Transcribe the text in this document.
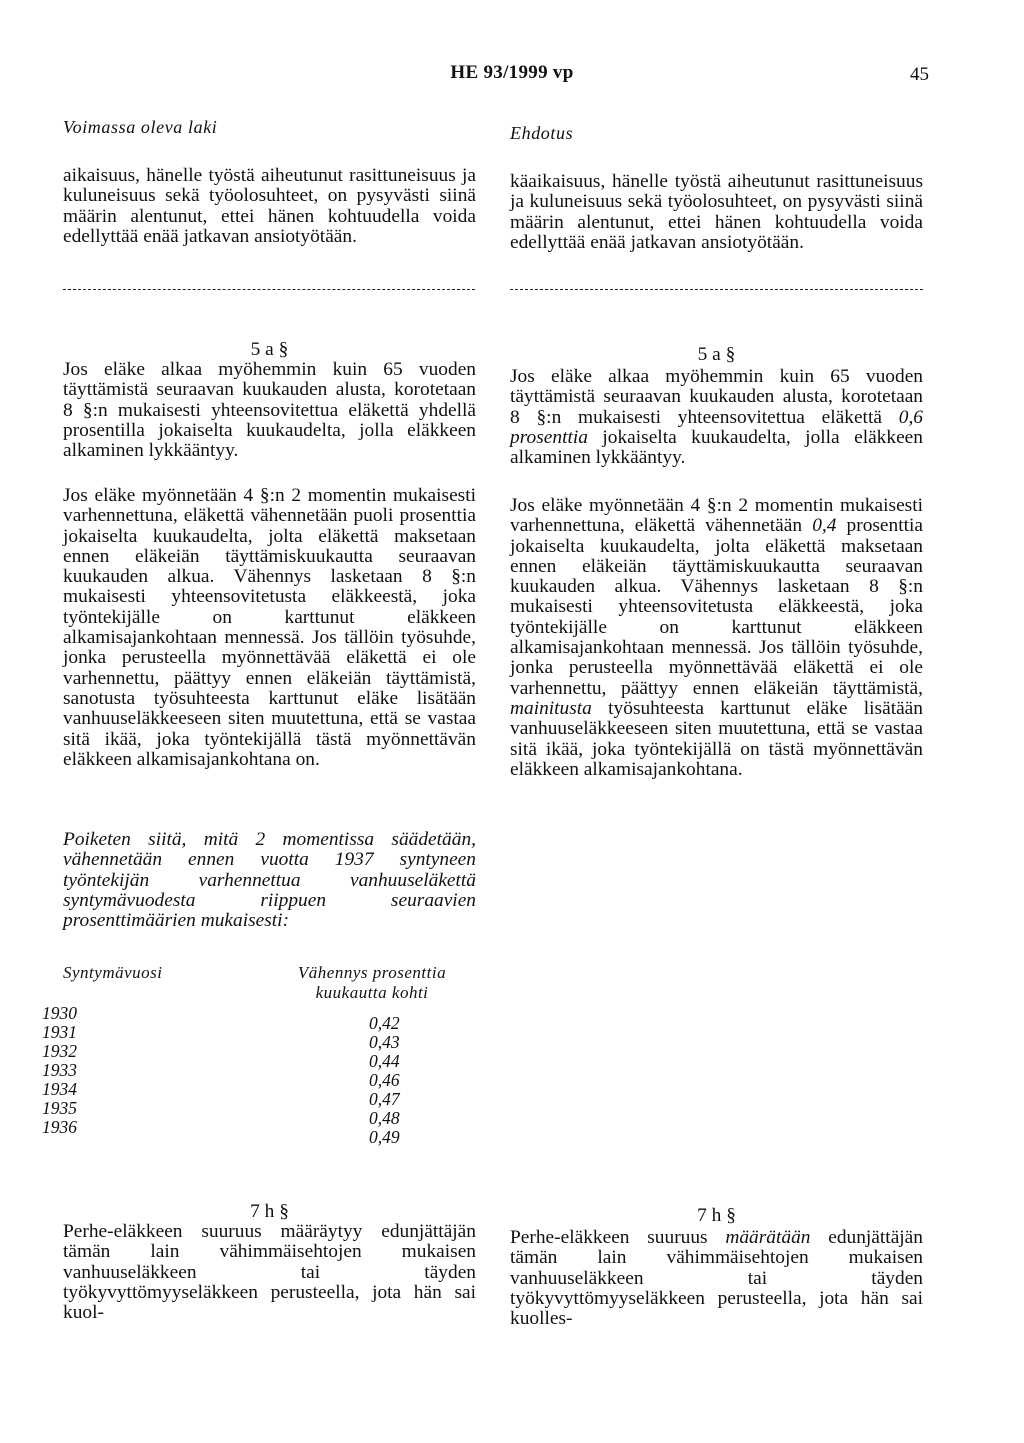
HE 93/1999 vp	45
Voimassa oleva laki	Ehdotus

aikaisuus, hänelle työstä aiheutunut rasittuneisuus ja kuluneisuus sekä työolosuhteet, on pysyvästi siinä määrin alentunut, ettei hänen kohtuudella voida edellyttää enää jatkavan ansiotyötään.

5 a §

Jos eläke alkaa myöhemmin kuin 65 vuoden täyttämistä seuraavan kuukauden alusta, korotetaan 8 §:n mukaisesti yhteensovitettua eläkettä yhdellä prosentilla jokaiselta kuukaudelta, jolla eläkkeen alkaminen lykkääntyy.

Jos eläke myönnetään 4 §:n 2 momentin mukaisesti varhennettuna, eläkettä vähennetään puoli prosenttia jokaiselta kuukaudelta, jolta eläkettä maksetaan ennen eläkeiän täyttämiskuukautta seuraavan kuukauden alkua. Vähennys lasketaan 8 §:n mukaisesti yhteensovitetusta eläkkeestä, joka työntekijälle on karttunut eläkkeen alkamisajankohtaan mennessä. Jos tällöin työsuhde, jonka perusteella myönnettävää eläkettä ei ole varhennettu, päättyy ennen eläkeiän täyttämistä, sanotusta työsuhteesta karttunut eläke lisätään vanhuuseläkkeeseen siten muutettuna, että se vastaa sitä ikää, joka työntekijällä tästä myönnettävän eläkkeen alkamisajankohtana on.

Poiketen siitä, mitä 2 momentissa säädetään, vähennetään ennen vuotta 1937 syntyneen työntekijän varhennettua vanhuuseläkettä syntymävuodesta riippuen seuraavien prosenttimäärien mukaisesti:

Syntymävuosi	Vähennys prosenttia
kuukautta kohti
1930	0,42
1931	0,43
1932	0,44
1933	0,46
1934	0,47
1935	0,48
1936	0,49
7 h §

Perhe-eläkkeen suuruus määräytyy edunjättäjän tämän lain vähimmäisehtojen mukaisen vanhuuseläkkeen tai täyden työkyvyttömyyseläkkeen perusteella, jota hän sai kuol-

käaikaisuus, hänelle työstä aiheutunut rasittuneisuus ja kuluneisuus sekä työolosuhteet, on pysyvästi siinä määrin alentunut, ettei hänen kohtuudella voida edellyttää enää jatkavan ansiotyötään.

5 a §

Jos eläke alkaa myöhemmin kuin 65 vuoden täyttämistä seuraavan kuukauden alusta, korotetaan 8 §:n mukaisesti yhteensovitettua eläkettä 0,6 prosenttia jokaiselta kuukaudelta, jolla eläkkeen alkaminen lykkääntyy.

Jos eläke myönnetään 4 §:n 2 momentin mukaisesti varhennettuna, eläkettä vähennetään 0,4 prosenttia jokaiselta kuukaudelta, jolta eläkettä maksetaan ennen eläkeiän täyttämiskuukautta seuraavan kuukauden alkua. Vähennys lasketaan 8 §:n mukaisesti yhteensovitetusta eläkkeestä, joka työntekijälle on karttunut eläkkeen alkamisajankohtaan mennessä. Jos tällöin työsuhde, jonka perusteella myönnettävää eläkettä ei ole varhennettu, päättyy ennen eläkeiän täyttämistä, mainitusta työsuhteesta karttunut eläke lisätään vanhuuseläkkeeseen siten muutettuna, että se vastaa sitä ikää, joka työntekijällä on tästä myönnettävän eläkkeen alkamisajankohtana.

7 h §

Perhe-eläkkeen suuruus määrätään edunjättäjän tämän lain vähimmäisehtojen mukaisen vanhuuseläkkeen tai täyden työkyvyttömyyseläkkeen perusteella, jota hän sai kuolles-
